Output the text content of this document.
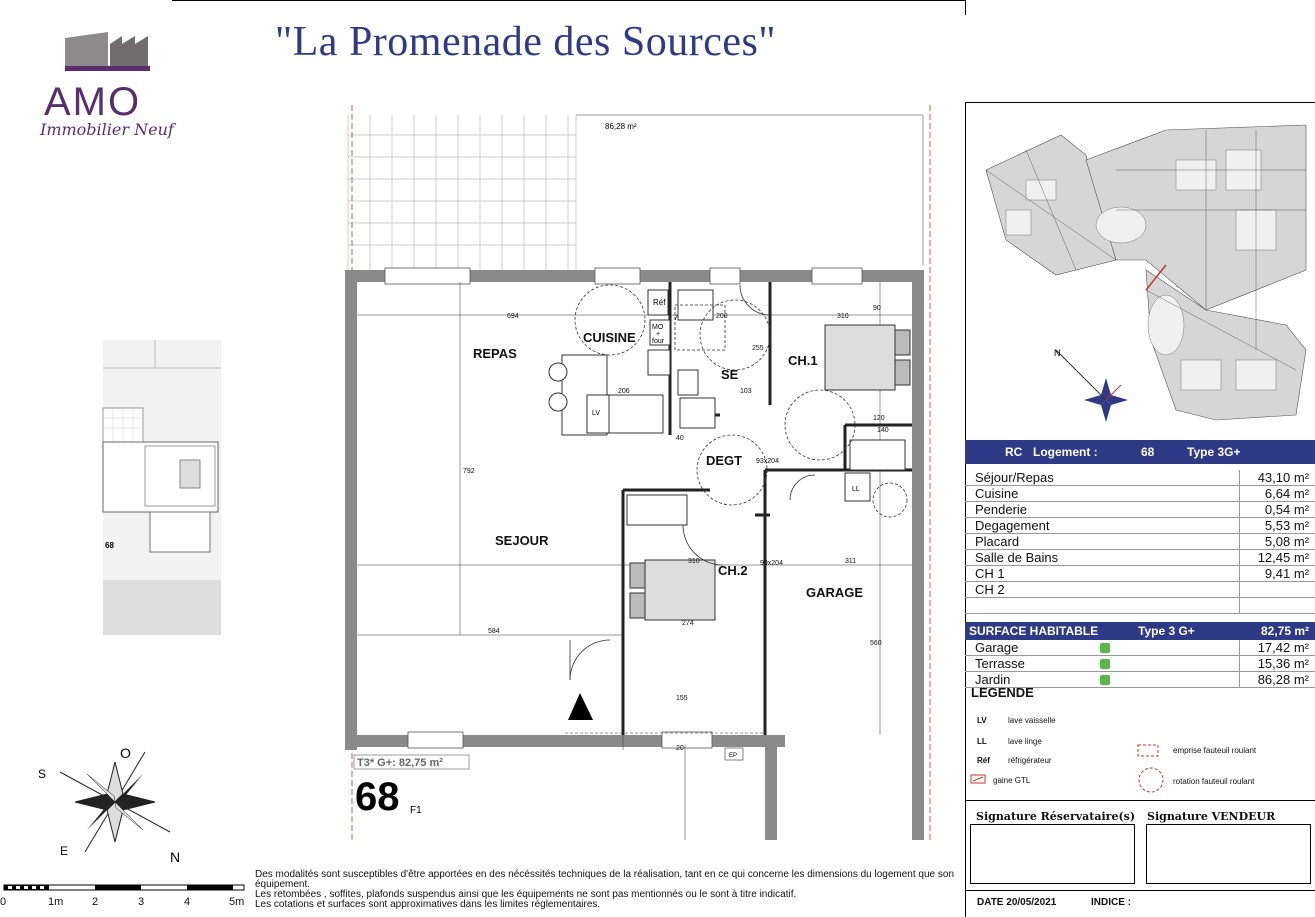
"La Promenade des Sources"
AMO
Immobilier Neuf
68
86,28 m²
EP
REPAS
CUISINE
SE
CH.1
DEGT
SEJOUR
CH.2
GARAGE
Réf
MO
+
four
LV
LL
694
792
584
206
200	310
140
120
103
93x204
90
255
274
310	311
560
155
20
7
40
90x204
T3* G+: 82,75 m²
68 F1
N
O
S
E	N
0	1m	2	3	4	5m
Des modalités sont susceptibles d'être apportées en des nécéssités techniques de la réalisation, tant en ce qui concerne les dimensions du logement que son équipement.
Les retombées , soffites, plafonds suspendus ainsi que les équipements ne sont pas mentionnés ou le sont à titre indicatif.
Les cotations et surfaces sont approximatives dans les limites réglementaires.
RC Logement :	68	Type 3G+
Séjour/Repas	43,10 m²
Cuisine	6,64 m²
Penderie	0,54 m²
Degagement	5,53 m²
Placard	5,08 m²
Salle de Bains	12,45 m²
CH 1	9,41 m²
CH 2
SURFACE HABITABLE	Type 3 G+	82,75 m²
Garage	17,42 m²
Terrasse	15,36 m²
Jardin	86,28 m²
LEGENDE
LV	lave vaisselle
LL	lave linge
Réf réfrigérateur
gaine GTL
emprise fauteuil roulant
rotation fauteuil roulant
Signature Réservataire(s) Signature VENDEUR
DATE 20/05/2021	INDICE :
